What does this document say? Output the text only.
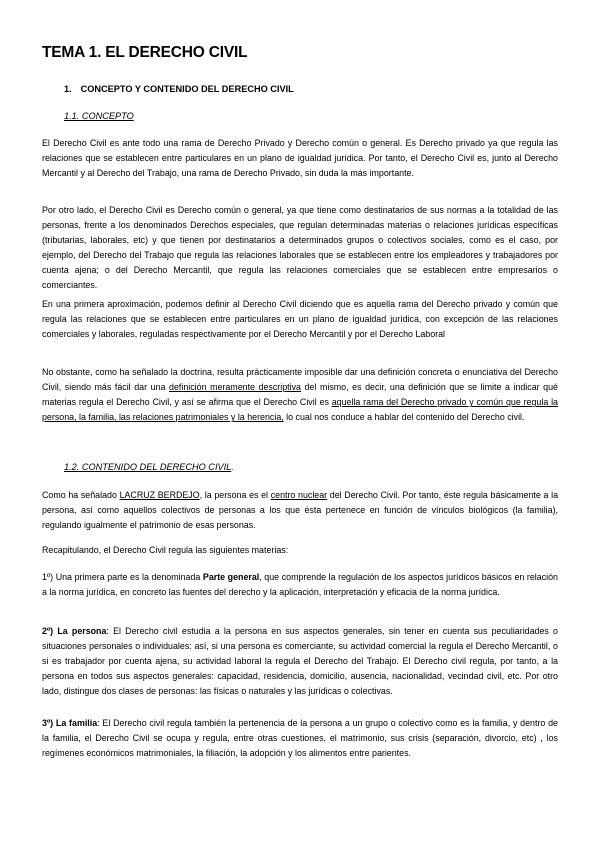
TEMA 1. EL DERECHO CIVIL

1. CONCEPTO Y CONTENIDO DEL DERECHO CIVIL

1.1. CONCEPTO

El Derecho Civil es ante todo una rama de Derecho Privado y Derecho común o general. Es Derecho privado ya que regula las relaciones que se establecen entre particulares en un plano de igualdad jurídica. Por tanto, el Derecho Civil es, junto al Derecho Mercantil y al Derecho del Trabajo, una rama de Derecho Privado, sin duda la más importante.

Por otro lado, el Derecho Civil es Derecho común o general, ya que tiene como destinatarios de sus normas a la totalidad de las personas, frente a los denominados Derechos especiales, que regulan determinadas materias o relaciones jurídicas específicas (tributarias, laborales, etc) y que tienen por destinatarios a determinados grupos o colectivos sociales, como es el caso, por ejemplo, del Derecho del Trabajo que regula las relaciones laborales que se establecen entre los empleadores y trabajadores por cuenta ajena; o del Derecho Mercantil, que regula las relaciones comerciales que se establecen entre empresarios o comerciantes.

En una primera aproximación, podemos definir al Derecho Civil diciendo que es aquella rama del Derecho privado y común que regula las relaciones que se establecen entre particulares en un plano de igualdad jurídica, con excepción de las relaciones comerciales y laborales, reguladas respectivamente por el Derecho Mercantil y por el Derecho Laboral

No obstante, como ha señalado la doctrina, resulta prácticamente imposible dar una definición concreta o enunciativa del Derecho Civil, siendo más fácil dar una definición meramente descriptiva del mismo, es decir, una definición que se limite a indicar qué materias regula el Derecho Civil, y así se afirma que el Derecho Civil es aquella rama del Derecho privado y común que regula la persona, la familia, las relaciones patrimoniales y la herencia, lo cual nos conduce a hablar del contenido del Derecho civil.

1.2. CONTENIDO DEL DERECHO CIVIL.

Como ha señalado LACRUZ BERDEJO, la persona es el centro nuclear del Derecho Civil. Por tanto, éste regula básicamente a la persona, así como aquellos colectivos de personas a los que ésta pertenece en función de vínculos biológicos (la familia), regulando igualmente el patrimonio de esas personas.

Recapitulando, el Derecho Civil regula las siguientes materias:

1º) Una primera parte es la denominada Parte general, que comprende la regulación de los aspectos jurídicos básicos en relación a la norma jurídica, en concreto las fuentes del derecho y la aplicación, interpretación y eficacia de la norma jurídica.

2º) La persona: El Derecho civil estudia a la persona en sus aspectos generales, sin tener en cuenta sus peculiaridades o situaciones personales o individuales: así, si una persona es comerciante, su actividad comercial la regula el Derecho Mercantil, o si es trabajador por cuenta ajena, su actividad laboral la regula el Derecho del Trabajo. El Derecho civil regula, por tanto, a la persona en todos sus aspectos generales: capacidad, residencia, domicilio, ausencia, nacionalidad, vecindad civil, etc. Por otro lado, distingue dos clases de personas: las físicas o naturales y las jurídicas o colectivas.

3º) La familia: El Derecho civil regula también la pertenencia de la persona a un grupo o colectivo como es la familia, y dentro de la familia, el Derecho Civil se ocupa y regula, entre otras cuestiones, el matrimonio, sus crisis (separación, divorcio, etc) , los regímenes económicos matrimoniales, la filiación, la adopción y los alimentos entre parientes.
